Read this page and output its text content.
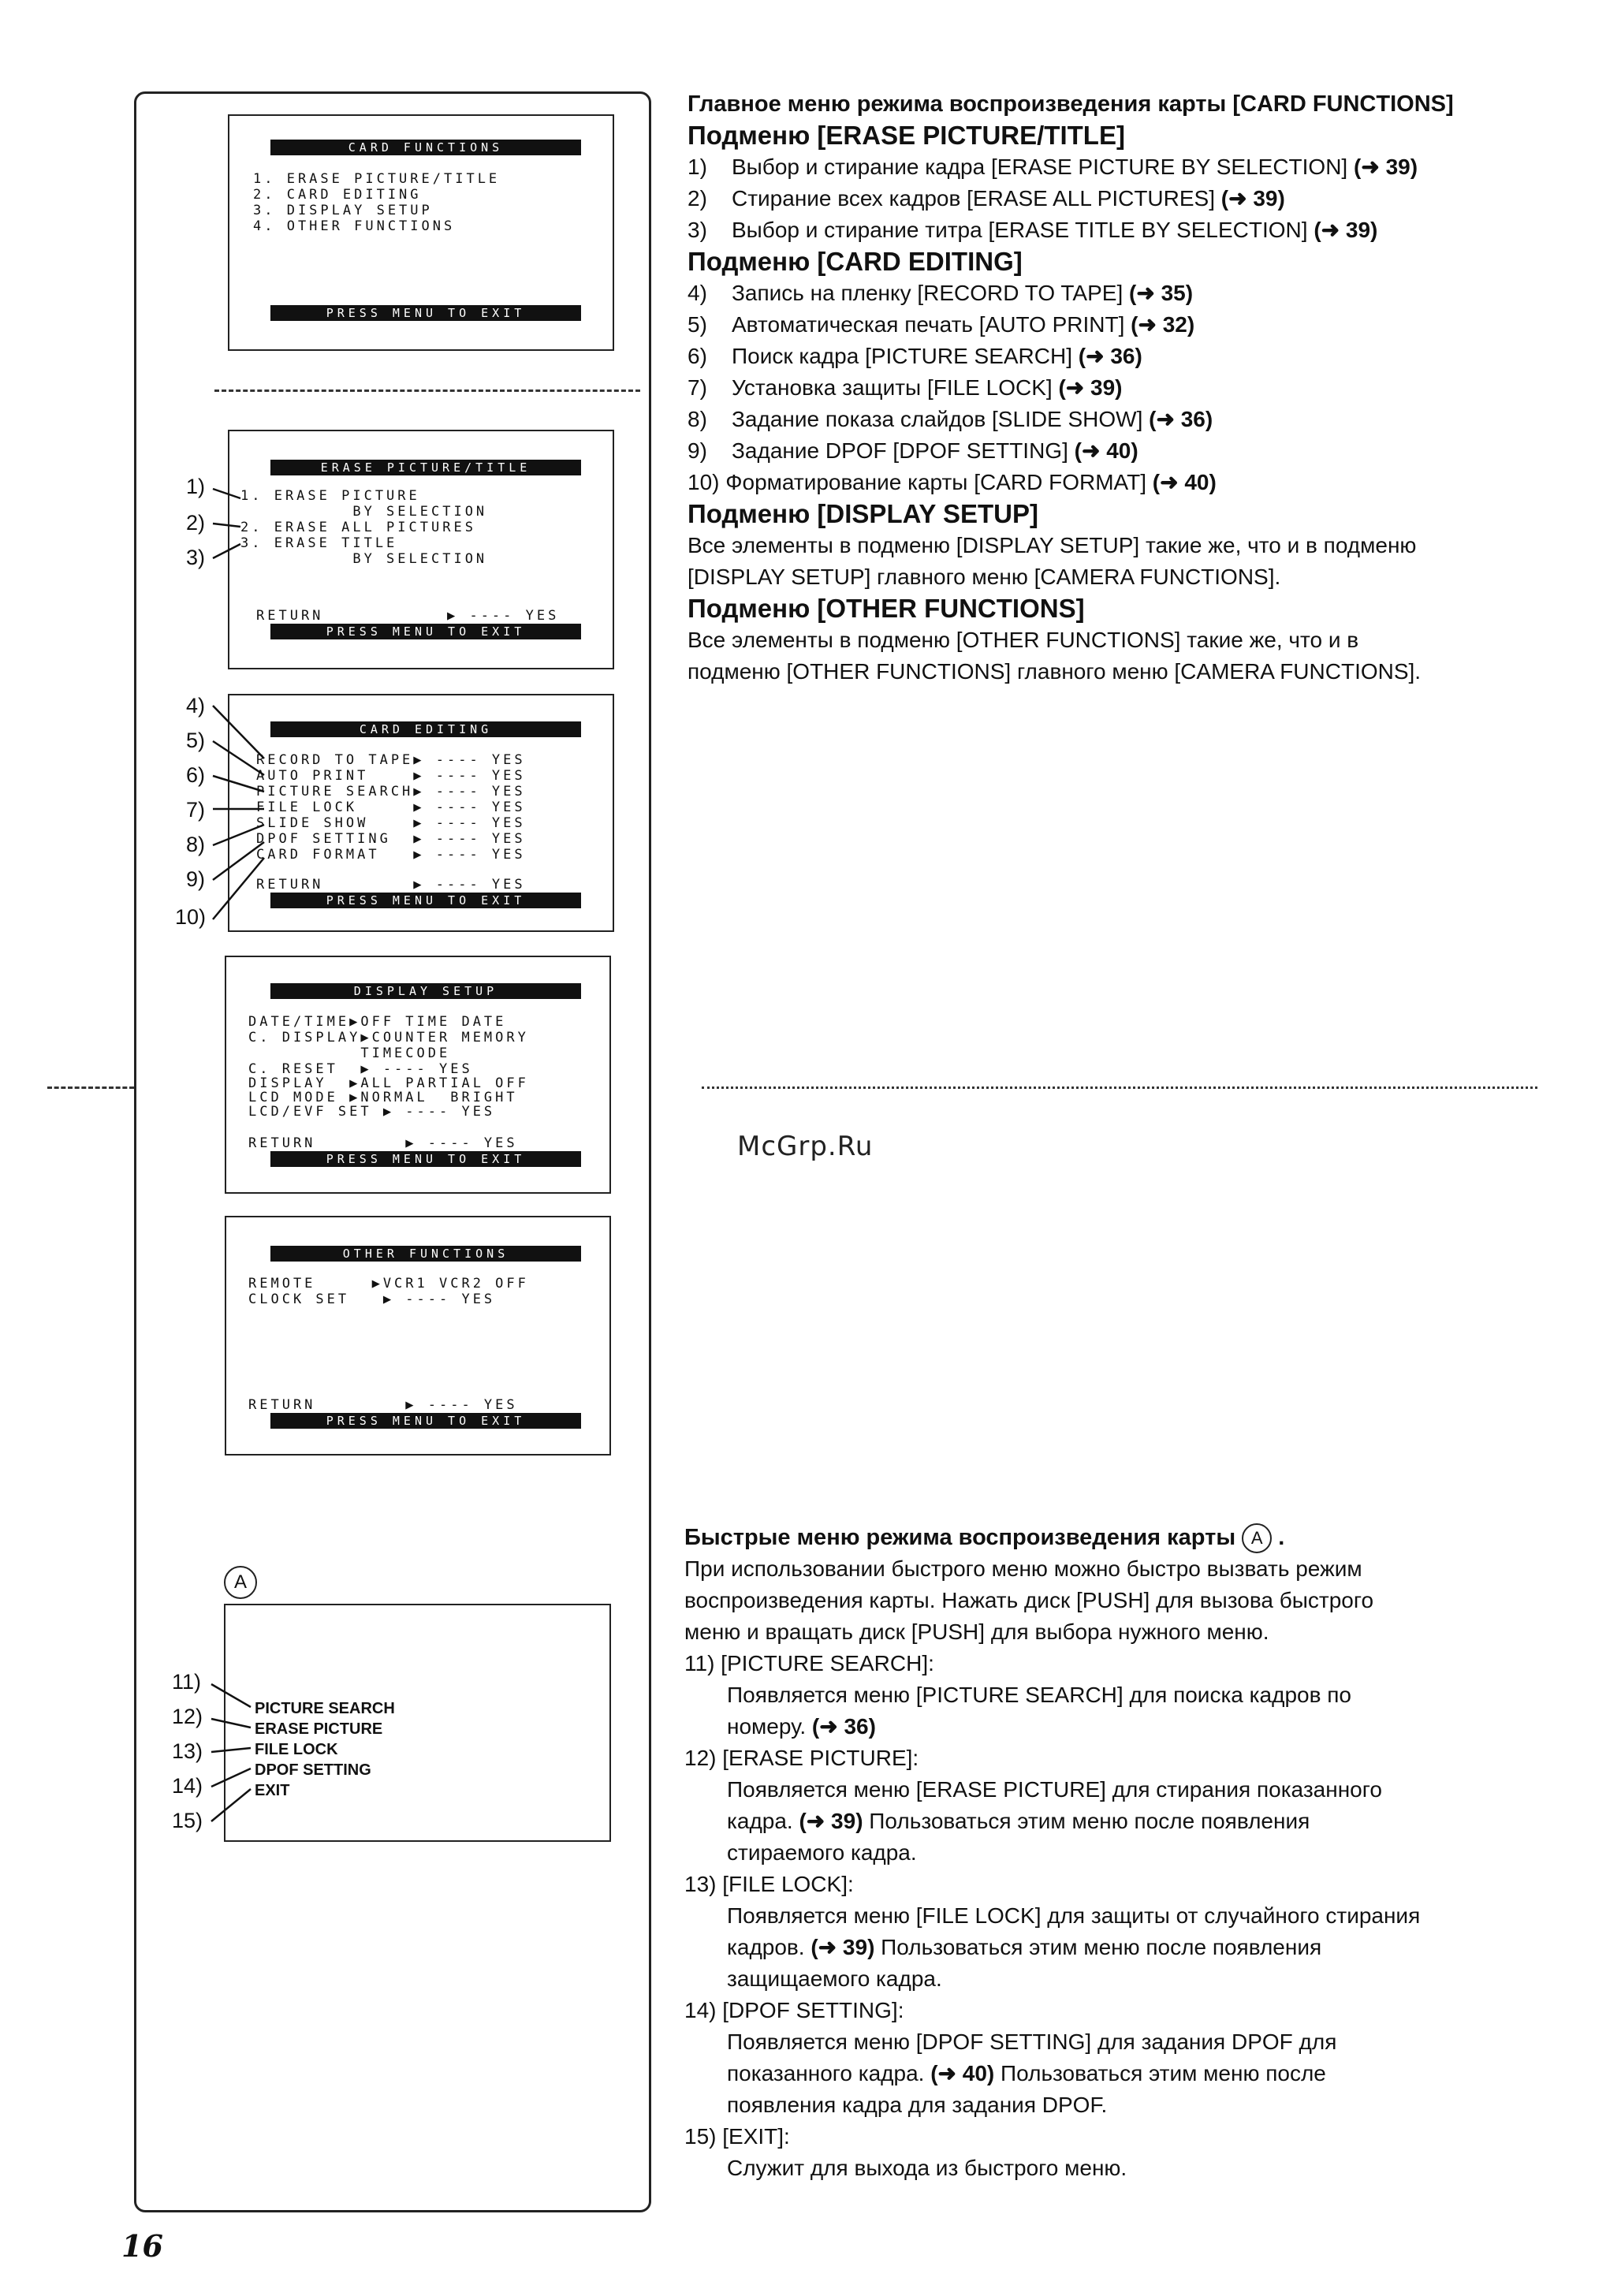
CARD FUNCTIONS
1. ERASE PICTURE/TITLE
2. CARD EDITING
3. DISPLAY SETUP
4. OTHER FUNCTIONS
PRESS MENU TO EXIT
ERASE PICTURE/TITLE
1. ERASE PICTURE
BY SELECTION
2. ERASE ALL PICTURES
3. ERASE TITLE
BY SELECTION
RETURN           ▶ ---- YES
PRESS MENU TO EXIT
1)
2)
3)
CARD EDITING
RECORD TO TAPE▶ ---- YES
AUTO PRINT    ▶ ---- YES
PICTURE SEARCH▶ ---- YES
FILE LOCK     ▶ ---- YES
SLIDE SHOW    ▶ ---- YES
DPOF SETTING  ▶ ---- YES
CARD FORMAT   ▶ ---- YES
RETURN        ▶ ---- YES
PRESS MENU TO EXIT
4)
5)
6)
7)
8)
9)
10)
DISPLAY SETUP
DATE/TIME▶OFF TIME DATE
C. DISPLAY▶COUNTER MEMORY
TIMECODE
C. RESET  ▶ ---- YES
DISPLAY  ▶ALL PARTIAL OFF
LCD MODE ▶NORMAL  BRIGHT
LCD/EVF SET ▶ ---- YES
RETURN        ▶ ---- YES
PRESS MENU TO EXIT
OTHER FUNCTIONS
REMOTE     ▶VCR1 VCR2 OFF
CLOCK SET   ▶ ---- YES
RETURN        ▶ ---- YES
PRESS MENU TO EXIT
A
PICTURE SEARCH
ERASE PICTURE
FILE LOCK
DPOF SETTING
EXIT
11)
12)
13)
14)
15)
Главное меню режима воспроизведения карты [CARD FUNCTIONS]
Подменю [ERASE PICTURE/TITLE]
1) Выбор и стирание кадра [ERASE PICTURE BY SELECTION] (➜ 39)
2) Стирание всех кадров [ERASE ALL PICTURES] (➜ 39)
3) Выбор и стирание титра [ERASE TITLE BY SELECTION] (➜ 39)
Подменю [CARD EDITING]
4) Запись на пленку [RECORD TO TAPE] (➜ 35)
5) Автоматическая печать [AUTO PRINT] (➜ 32)
6) Поиск кадра [PICTURE SEARCH] (➜ 36)
7) Установка защиты [FILE LOCK] (➜ 39)
8) Задание показа слайдов [SLIDE SHOW] (➜ 36)
9) Задание DPOF [DPOF SETTING] (➜ 40)
10) Форматирование карты [CARD FORMAT] (➜ 40)
Подменю [DISPLAY SETUP]
Все элементы в подменю [DISPLAY SETUP] такие же, что и в подменю
[DISPLAY SETUP] главного меню [CAMERA FUNCTIONS].
Подменю [OTHER FUNCTIONS]
Все элементы в подменю [OTHER FUNCTIONS] такие же, что и в
подменю [OTHER FUNCTIONS] главного меню [CAMERA FUNCTIONS].
McGrp.Ru
Быстрые меню режима воспроизведения карты A .
При использовании быстрого меню можно быстро вызвать режим
воспроизведения карты. Нажать диск [PUSH] для вызова быстрого
меню и вращать диск [PUSH] для выбора нужного меню.
11) [PICTURE SEARCH]:
Появляется меню [PICTURE SEARCH] для поиска кадров по
номеру. (➜ 36)
12) [ERASE PICTURE]:
Появляется меню [ERASE PICTURE] для стирания показанного
кадра. (➜ 39) Пользоваться этим меню после появления
стираемого кадра.
13) [FILE LOCK]:
Появляется меню [FILE LOCK] для защиты от случайного стирания
кадров. (➜ 39) Пользоваться этим меню после появления
защищаемого кадра.
14) [DPOF SETTING]:
Появляется меню [DPOF SETTING] для задания DPOF для
показанного кадра. (➜ 40) Пользоваться этим меню после
появления кадра для задания DPOF.
15) [EXIT]:
Служит для выхода из быстрого меню.
16
